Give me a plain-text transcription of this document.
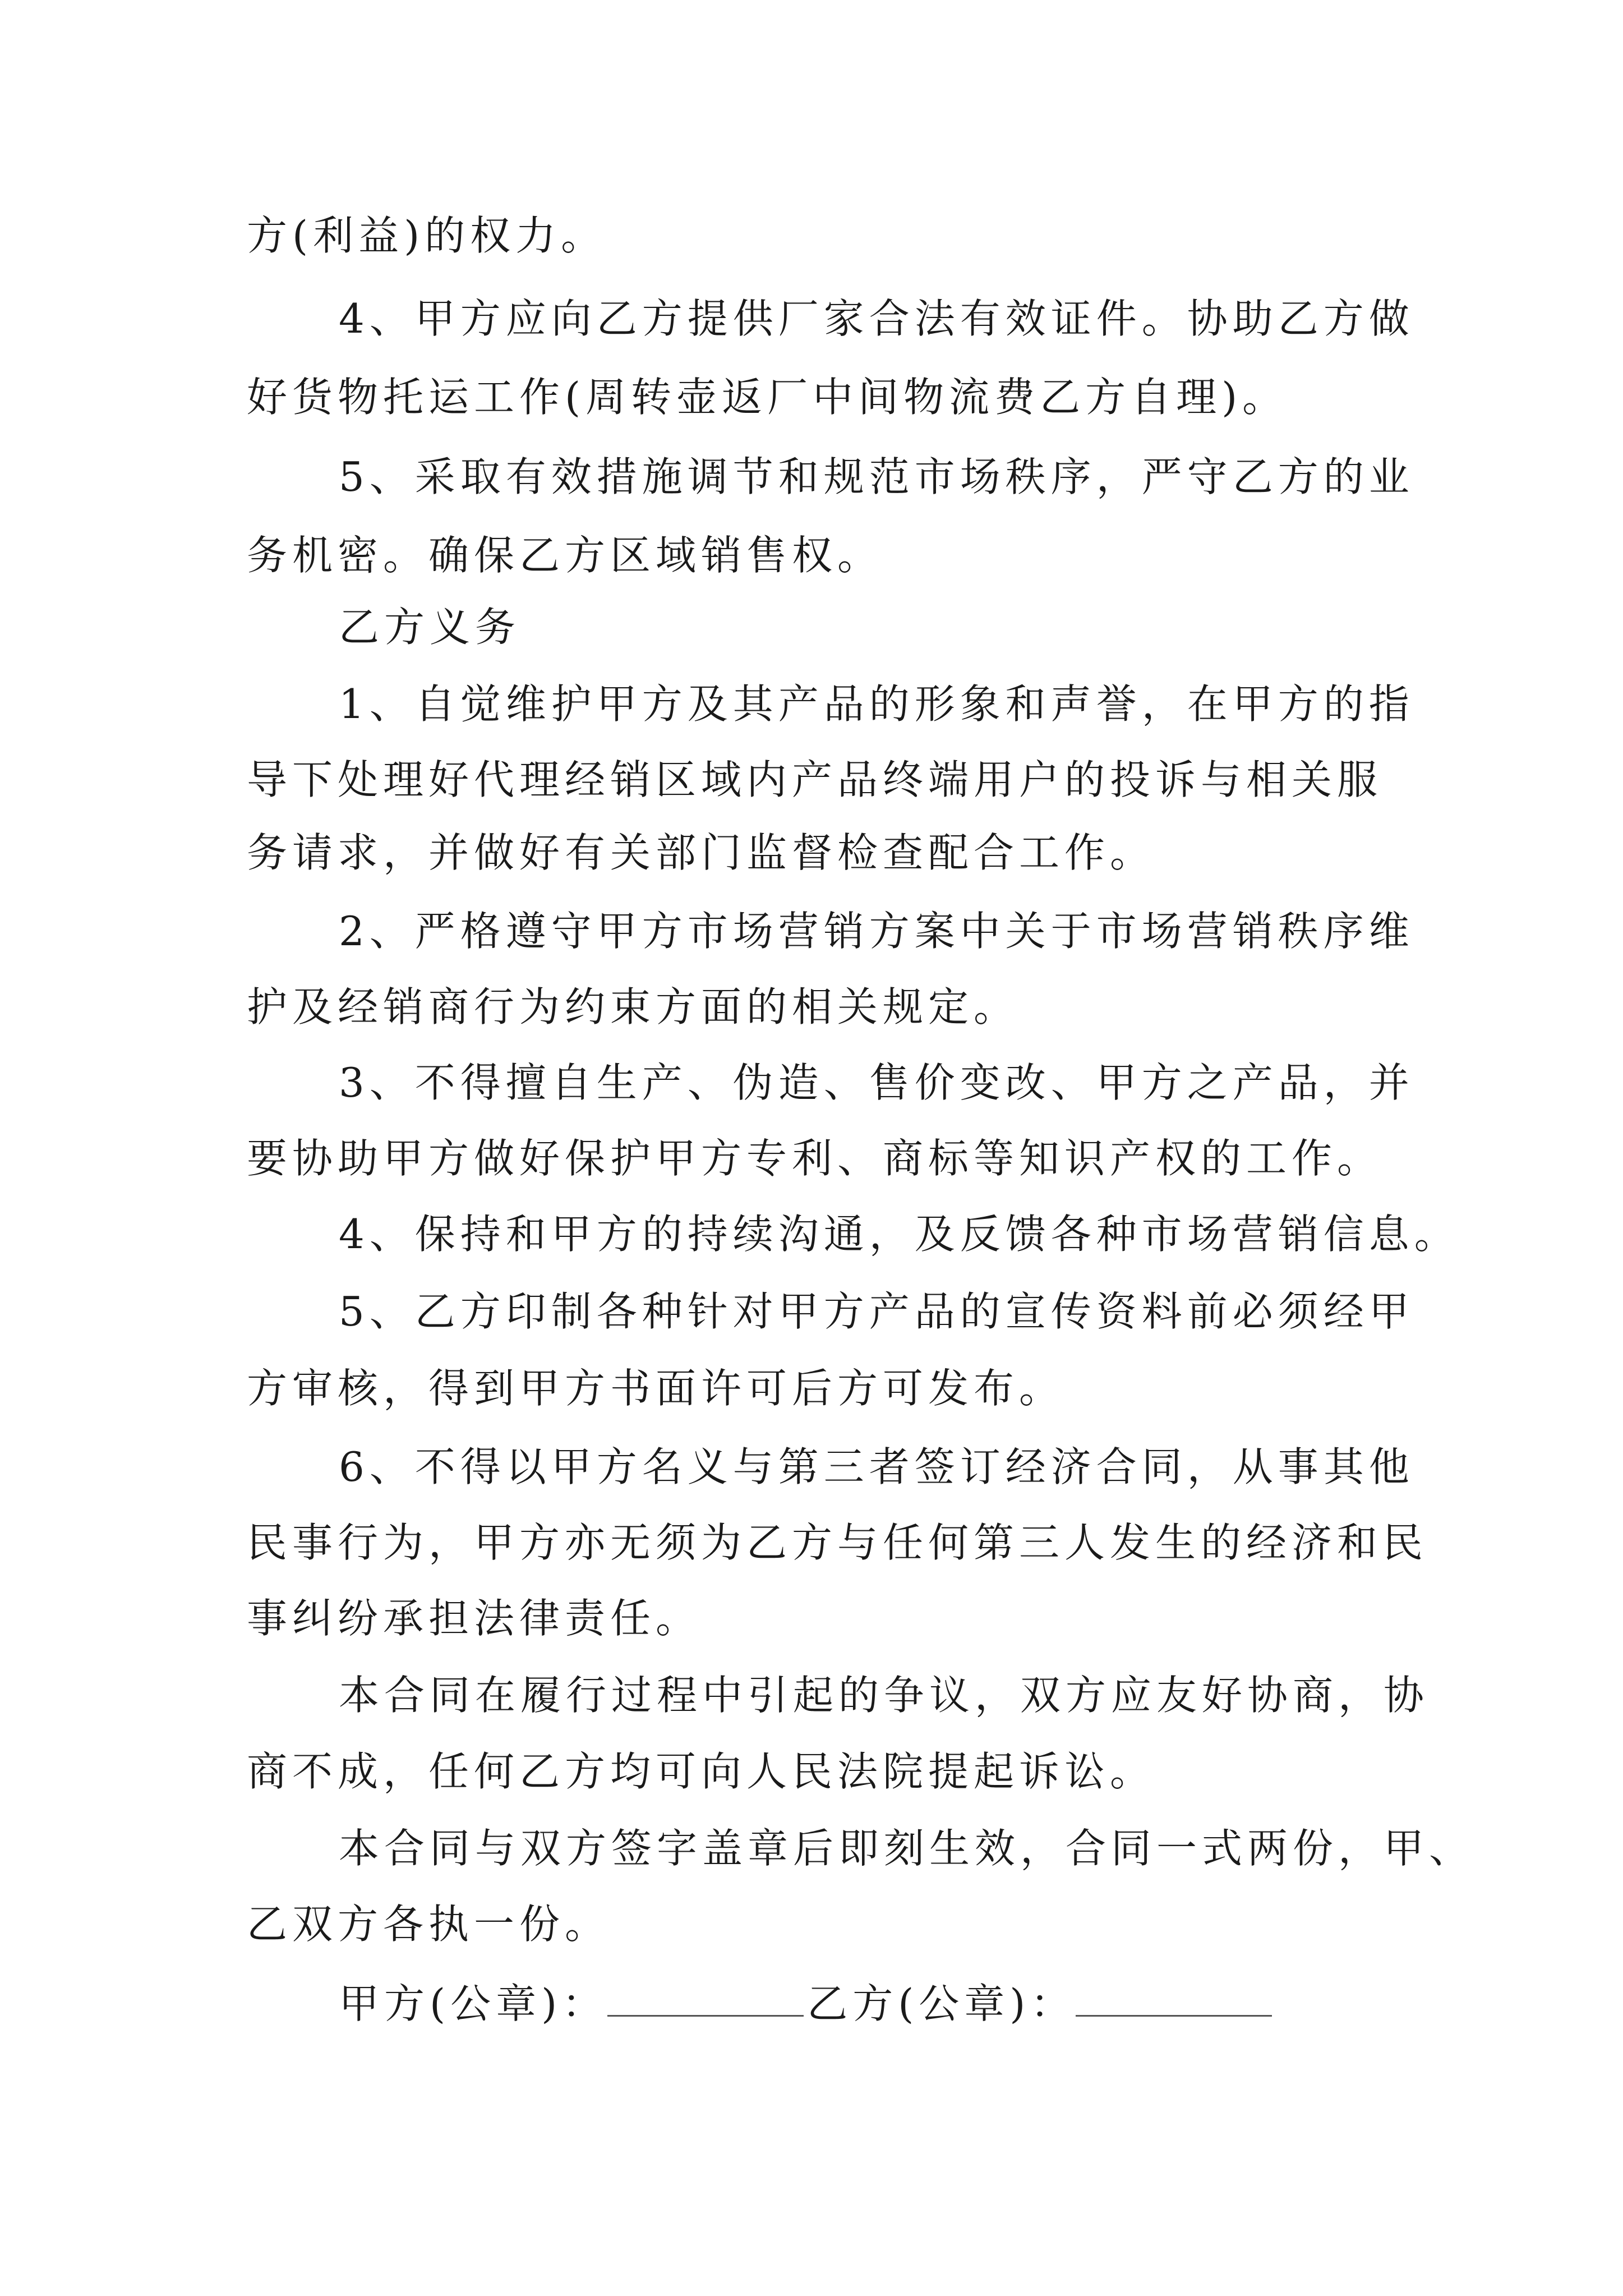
方(利益)的权力。
4、甲方应向乙方提供厂家合法有效证件。协助乙方做
好货物托运工作(周转壶返厂中间物流费乙方自理)。
5、采取有效措施调节和规范市场秩序，严守乙方的业
务机密。确保乙方区域销售权。
乙方义务
1、自觉维护甲方及其产品的形象和声誉，在甲方的指
导下处理好代理经销区域内产品终端用户的投诉与相关服
务请求，并做好有关部门监督检查配合工作。
2、严格遵守甲方市场营销方案中关于市场营销秩序维
护及经销商行为约束方面的相关规定。
3、不得擅自生产、伪造、售价变改、甲方之产品，并
要协助甲方做好保护甲方专利、商标等知识产权的工作。
4、保持和甲方的持续沟通，及反馈各种市场营销信息。
5、乙方印制各种针对甲方产品的宣传资料前必须经甲
方审核，得到甲方书面许可后方可发布。
6、不得以甲方名义与第三者签订经济合同，从事其他
民事行为，甲方亦无须为乙方与任何第三人发生的经济和民
事纠纷承担法律责任。
本合同在履行过程中引起的争议，双方应友好协商，协
商不成，任何乙方均可向人民法院提起诉讼。
本合同与双方签字盖章后即刻生效，合同一式两份，甲、
乙双方各执一份。
甲方(公章)：	乙方(公章)：
